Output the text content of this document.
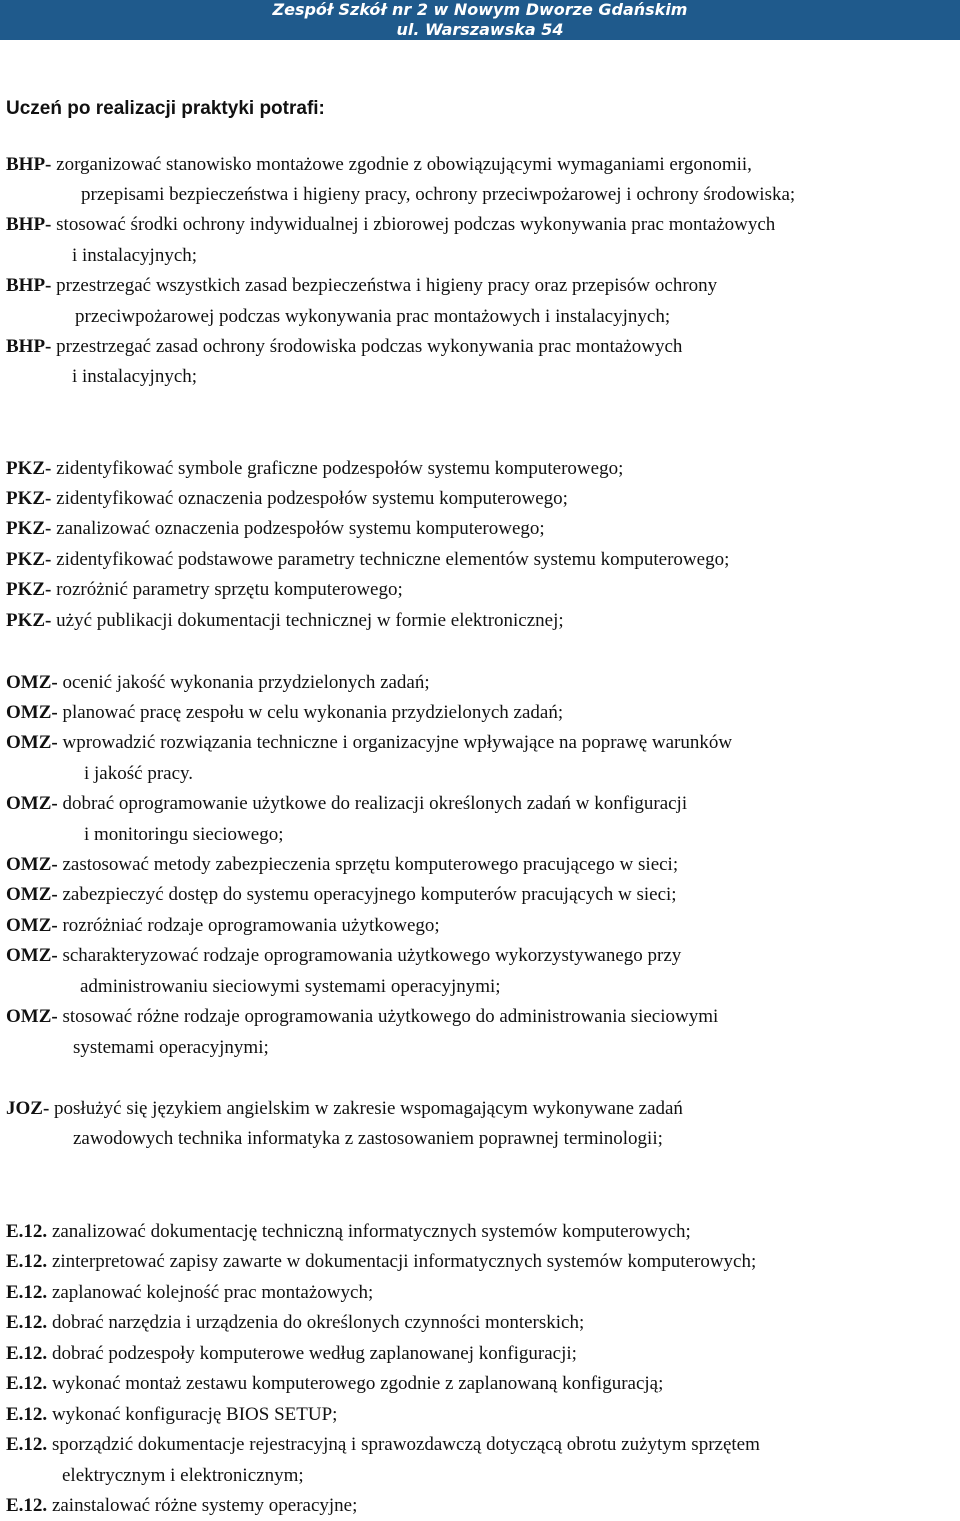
Zespół Szkół nr 2 w Nowym Dworze Gdańskim
ul. Warszawska 54
Uczeń po realizacji praktyki potrafi:
BHP- zorganizować stanowisko montażowe zgodnie z obowiązującymi wymaganiami ergonomii,
przepisami bezpieczeństwa i higieny pracy, ochrony przeciwpożarowej i ochrony środowiska;
BHP- stosować środki ochrony indywidualnej i zbiorowej podczas wykonywania prac montażowych
i instalacyjnych;
BHP- przestrzegać wszystkich zasad bezpieczeństwa i higieny pracy oraz przepisów ochrony
przeciwpożarowej podczas wykonywania prac montażowych i instalacyjnych;
BHP- przestrzegać zasad ochrony środowiska podczas wykonywania prac montażowych
i instalacyjnych;
PKZ- zidentyfikować symbole graficzne podzespołów systemu komputerowego;
PKZ- zidentyfikować oznaczenia podzespołów systemu komputerowego;
PKZ- zanalizować oznaczenia podzespołów systemu komputerowego;
PKZ- zidentyfikować podstawowe parametry techniczne elementów systemu komputerowego;
PKZ- rozróżnić parametry sprzętu komputerowego;
PKZ- użyć publikacji dokumentacji technicznej w formie elektronicznej;
OMZ- ocenić jakość wykonania przydzielonych zadań;
OMZ- planować pracę zespołu w celu wykonania przydzielonych zadań;
OMZ- wprowadzić rozwiązania techniczne i organizacyjne wpływające na poprawę warunków
i jakość pracy.
OMZ- dobrać oprogramowanie użytkowe do realizacji określonych zadań w konfiguracji
i monitoringu sieciowego;
OMZ- zastosować metody zabezpieczenia sprzętu komputerowego pracującego w sieci;
OMZ- zabezpieczyć dostęp do systemu operacyjnego komputerów pracujących w sieci;
OMZ- rozróżniać rodzaje oprogramowania użytkowego;
OMZ- scharakteryzować rodzaje oprogramowania użytkowego wykorzystywanego przy
administrowaniu sieciowymi systemami operacyjnymi;
OMZ- stosować różne rodzaje oprogramowania użytkowego do administrowania sieciowymi
systemami operacyjnymi;
JOZ- posłużyć się językiem angielskim w zakresie wspomagającym wykonywane zadań
zawodowych technika informatyka z zastosowaniem poprawnej terminologii;
E.12. zanalizować dokumentację techniczną informatycznych systemów komputerowych;
E.12. zinterpretować zapisy zawarte w dokumentacji informatycznych systemów komputerowych;
E.12. zaplanować kolejność prac montażowych;
E.12. dobrać narzędzia i urządzenia do określonych czynności monterskich;
E.12. dobrać podzespoły komputerowe według zaplanowanej konfiguracji;
E.12. wykonać montaż zestawu komputerowego zgodnie z zaplanowaną konfiguracją;
E.12. wykonać konfigurację BIOS SETUP;
E.12. sporządzić dokumentacje rejestracyjną i sprawozdawczą dotyczącą obrotu zużytym sprzętem
elektrycznym i elektronicznym;
E.12. zainstalować różne systemy operacyjne;
